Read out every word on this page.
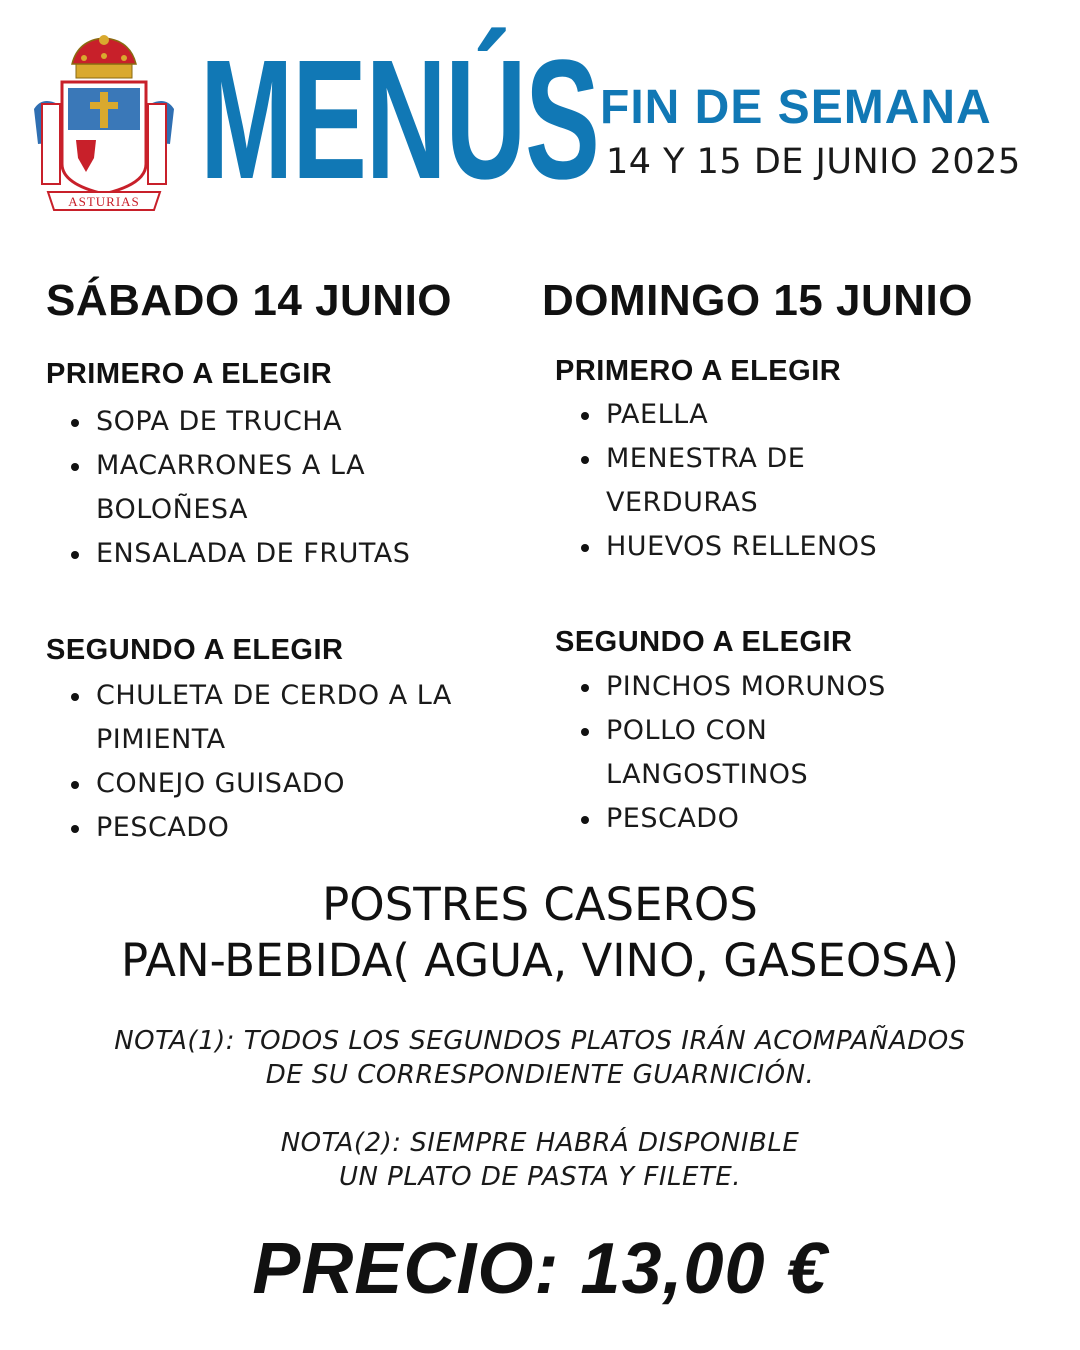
ASTURIAS MENÚS FIN DE SEMANA
14 Y 15 DE JUNIO 2025
SÁBADO 14 JUNIO
PRIMERO A ELEGIR
SOPA DE TRUCHA
MACARRONES A LA
BOLOÑESA
ENSALADA DE FRUTAS
SEGUNDO A ELEGIR
CHULETA DE CERDO A LA
PIMIENTA
CONEJO GUISADO
PESCADO
DOMINGO 15 JUNIO
PRIMERO A ELEGIR
PAELLA
MENESTRA DE
VERDURAS
HUEVOS RELLENOS
SEGUNDO A ELEGIR
PINCHOS MORUNOS
POLLO CON
LANGOSTINOS
PESCADO
POSTRES CASEROS
PAN-BEBIDA( AGUA, VINO, GASEOSA)
NOTA(1): TODOS LOS SEGUNDOS PLATOS IRÁN ACOMPAÑADOS
DE SU CORRESPONDIENTE GUARNICIÓN.
NOTA(2): SIEMPRE HABRÁ DISPONIBLE
UN PLATO DE PASTA Y FILETE.
PRECIO: 13,00 €
